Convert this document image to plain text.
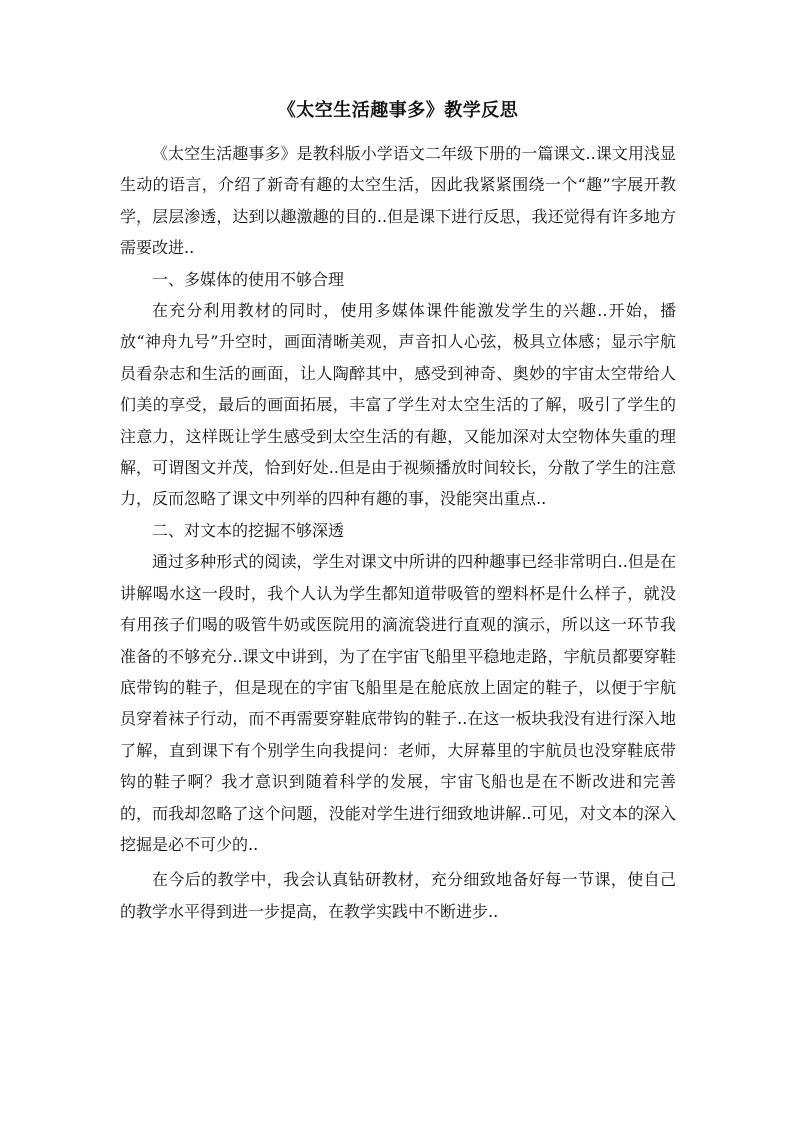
《太空生活趣事多》教学反思

《太空生活趣事多》是教科版小学语文二年级下册的一篇课文..课文用浅显生动的语言，介绍了新奇有趣的太空生活，因此我紧紧围绕一个“趣”字展开教学，层层渗透，达到以趣激趣的目的..但是课下进行反思，我还觉得有许多地方需要改进..

一、多媒体的使用不够合理

在充分利用教材的同时，使用多媒体课件能激发学生的兴趣..开始，播放“神舟九号”升空时，画面清晰美观，声音扣人心弦，极具立体感；显示宇航员看杂志和生活的画面，让人陶醉其中，感受到神奇、奥妙的宇宙太空带给人们美的享受，最后的画面拓展，丰富了学生对太空生活的了解，吸引了学生的注意力，这样既让学生感受到太空生活的有趣，又能加深对太空物体失重的理解，可谓图文并茂，恰到好处..但是由于视频播放时间较长，分散了学生的注意力，反而忽略了课文中列举的四种有趣的事，没能突出重点..

二、对文本的挖掘不够深透

通过多种形式的阅读，学生对课文中所讲的四种趣事已经非常明白..但是在讲解喝水这一段时，我个人认为学生都知道带吸管的塑料杯是什么样子，就没有用孩子们喝的吸管牛奶或医院用的滴流袋进行直观的演示，所以这一环节我准备的不够充分..课文中讲到，为了在宇宙飞船里平稳地走路，宇航员都要穿鞋底带钩的鞋子，但是现在的宇宙飞船里是在舱底放上固定的鞋子，以便于宇航员穿着袜子行动，而不再需要穿鞋底带钩的鞋子..在这一板块我没有进行深入地了解，直到课下有个别学生向我提问：老师，大屏幕里的宇航员也没穿鞋底带钩的鞋子啊？我才意识到随着科学的发展，宇宙飞船也是在不断改进和完善的，而我却忽略了这个问题，没能对学生进行细致地讲解..可见，对文本的深入挖掘是必不可少的..

在今后的教学中，我会认真钻研教材，充分细致地备好每一节课，使自己的教学水平得到进一步提高，在教学实践中不断进步..
